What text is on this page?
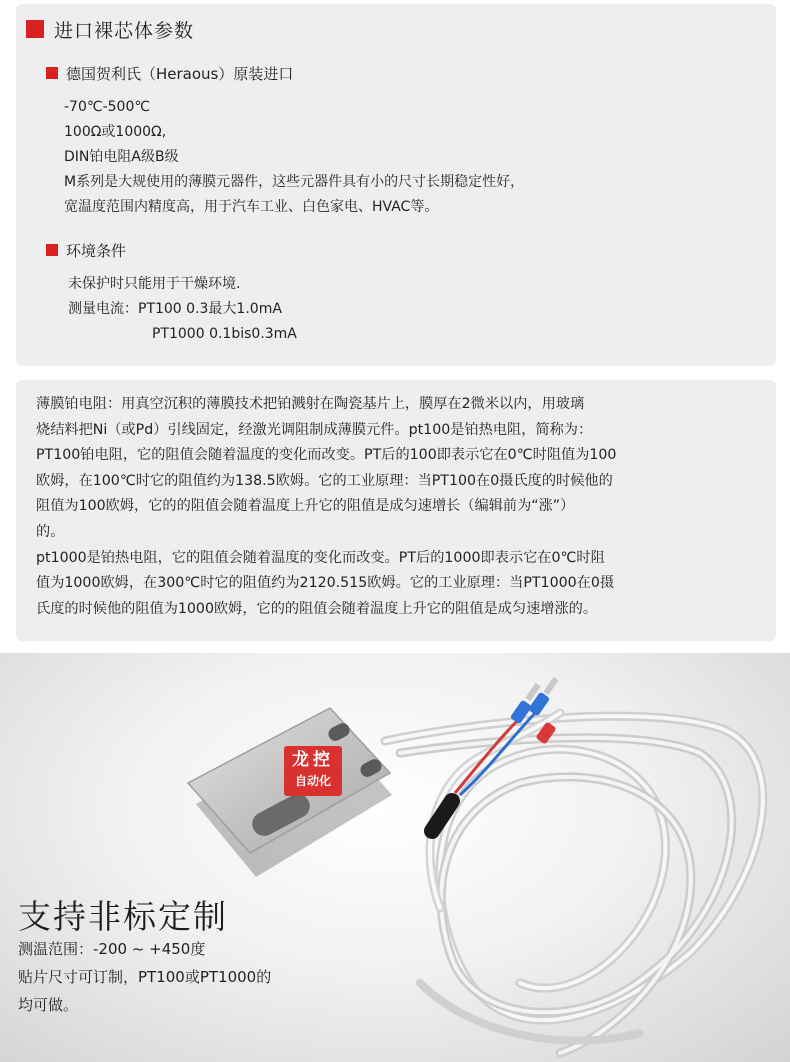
进口裸芯体参数
德国贺利氏（Heraous）原装进口
-70℃-500℃
100Ω或1000Ω,
DIN铂电阻A级B级
M系列是大规使用的薄膜元器件，这些元器件具有小的尺寸长期稳定性好，
宽温度范围内精度高，用于汽车工业、白色家电、HVAC等。
环境条件
未保护时只能用于干燥环境.
测量电流：PT100 0.3最大1.0mA
PT1000 0.1bis0.3mA
薄膜铂电阻：用真空沉积的薄膜技术把铂溅射在陶瓷基片上，膜厚在2微米以内，用玻璃
烧结料把Ni（或Pd）引线固定，经激光调阻制成薄膜元件。pt100是铂热电阻，简称为：
PT100铂电阻，它的阻值会随着温度的变化而改变。PT后的100即表示它在0℃时阻值为100
欧姆，在100℃时它的阻值约为138.5欧姆。它的工业原理：当PT100在0摄氏度的时候他的
阻值为100欧姆，它的的阻值会随着温度上升它的阻值是成匀速增长（编辑前为“涨”）
的。
pt1000是铂热电阻，它的阻值会随着温度的变化而改变。PT后的1000即表示它在0℃时阻
值为1000欧姆，在300℃时它的阻值约为2120.515欧姆。它的工业原理：当PT1000在0摄
氏度的时候他的阻值为1000欧姆，它的的阻值会随着温度上升它的阻值是成匀速增涨的。
龙控
自动化
支持非标定制
测温范围：-200 ~ +450度
贴片尺寸可订制，PT100或PT1000的
均可做。
